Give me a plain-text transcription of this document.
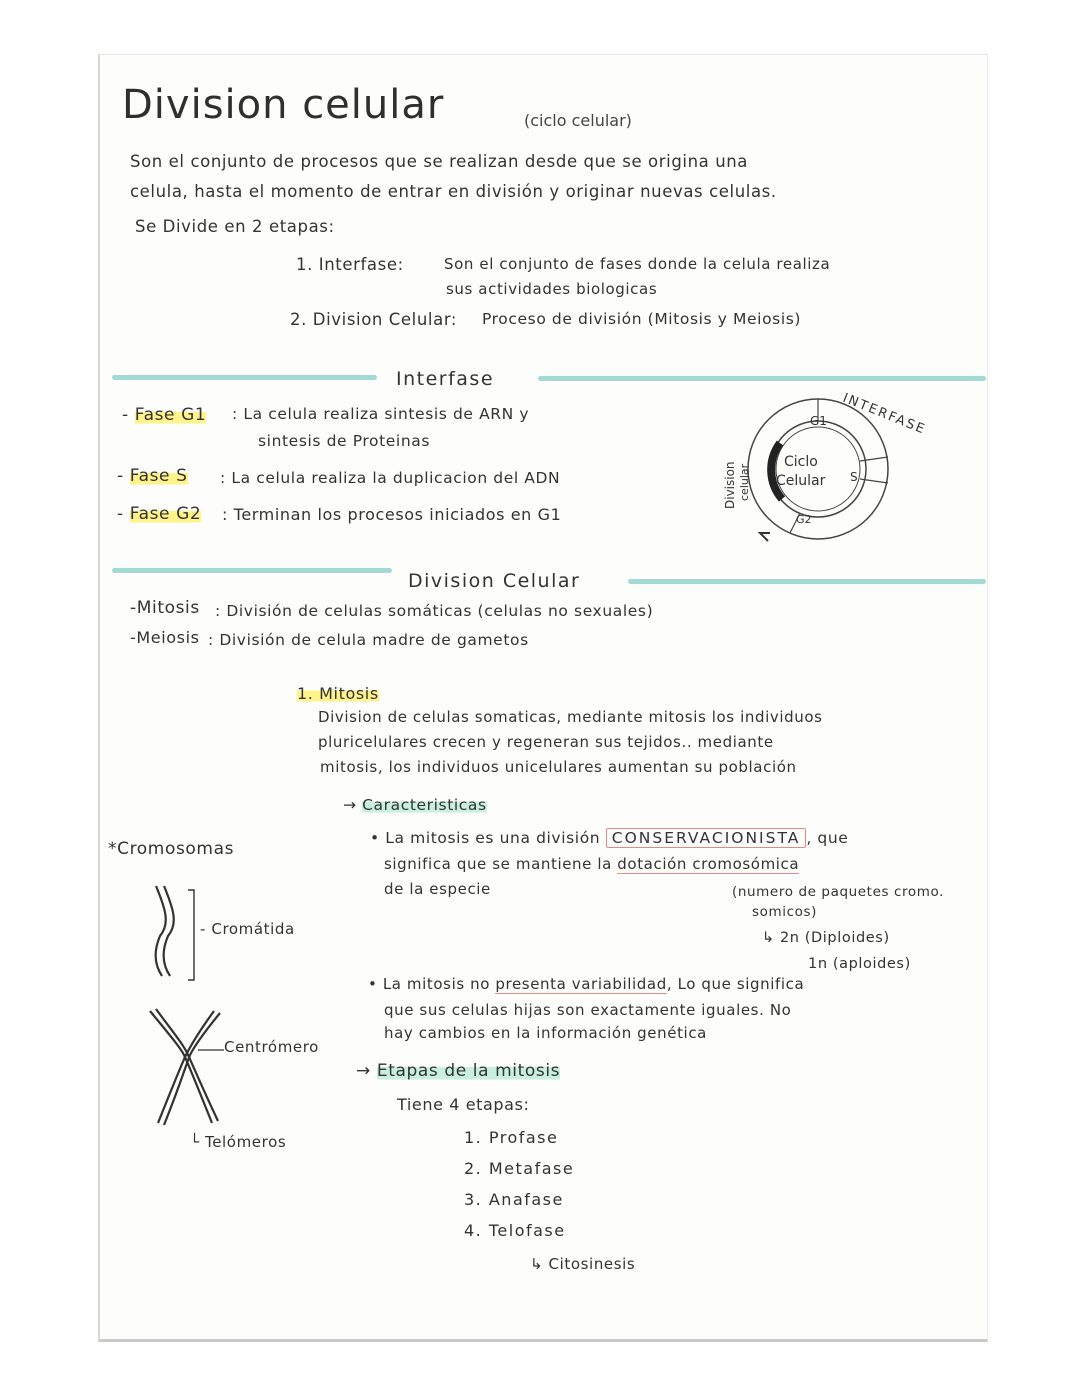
Division celular	(ciclo celular)
Son el conjunto de procesos que se realizan desde que se origina una
celula, hasta el momento de entrar en división y originar nuevas celulas.
Se Divide en 2 etapas:
1. Interfase:	Son el conjunto de fases donde la celula realiza
sus actividades biologicas
2. Division Celular: Proceso de división (Mitosis y Meiosis)
Interfase
- Fase G1 : La celula realiza sintesis de ARN y
sintesis de Proteinas
- Fase S : La celula realiza la duplicacion del ADN
- Fase G2 : Terminan los procesos iniciados en G1
G1
S
G2
Ciclo
Celular
Division celular
INTERFASE
Division Celular
-Mitosis : División de celulas somáticas (celulas no sexuales)
-Meiosis : División de celula madre de gametos
1. Mitosis
Division de celulas somaticas, mediante mitosis los individuos
pluricelulares crecen y regeneran sus tejidos.. mediante
mitosis, los individuos unicelulares aumentan su población
→ Caracteristicas
• La mitosis es una división CONSERVACIONISTA , que
significa que se mantiene la dotación cromosómica
de la especie	(numero de paquetes cromo.
somicos)
↳ 2n (Diploides)
1n (aploides)
• La mitosis no presenta variabilidad, Lo que significa
que sus celulas hijas son exactamente iguales. No
hay cambios en la información genética
→ Etapas de la mitosis
Tiene 4 etapas:
1. Profase
2. Metafase
3. Anafase
4. Telofase
↳ Citosinesis
*Cromosomas
- Cromátida
Centrómero
└ Telómeros
